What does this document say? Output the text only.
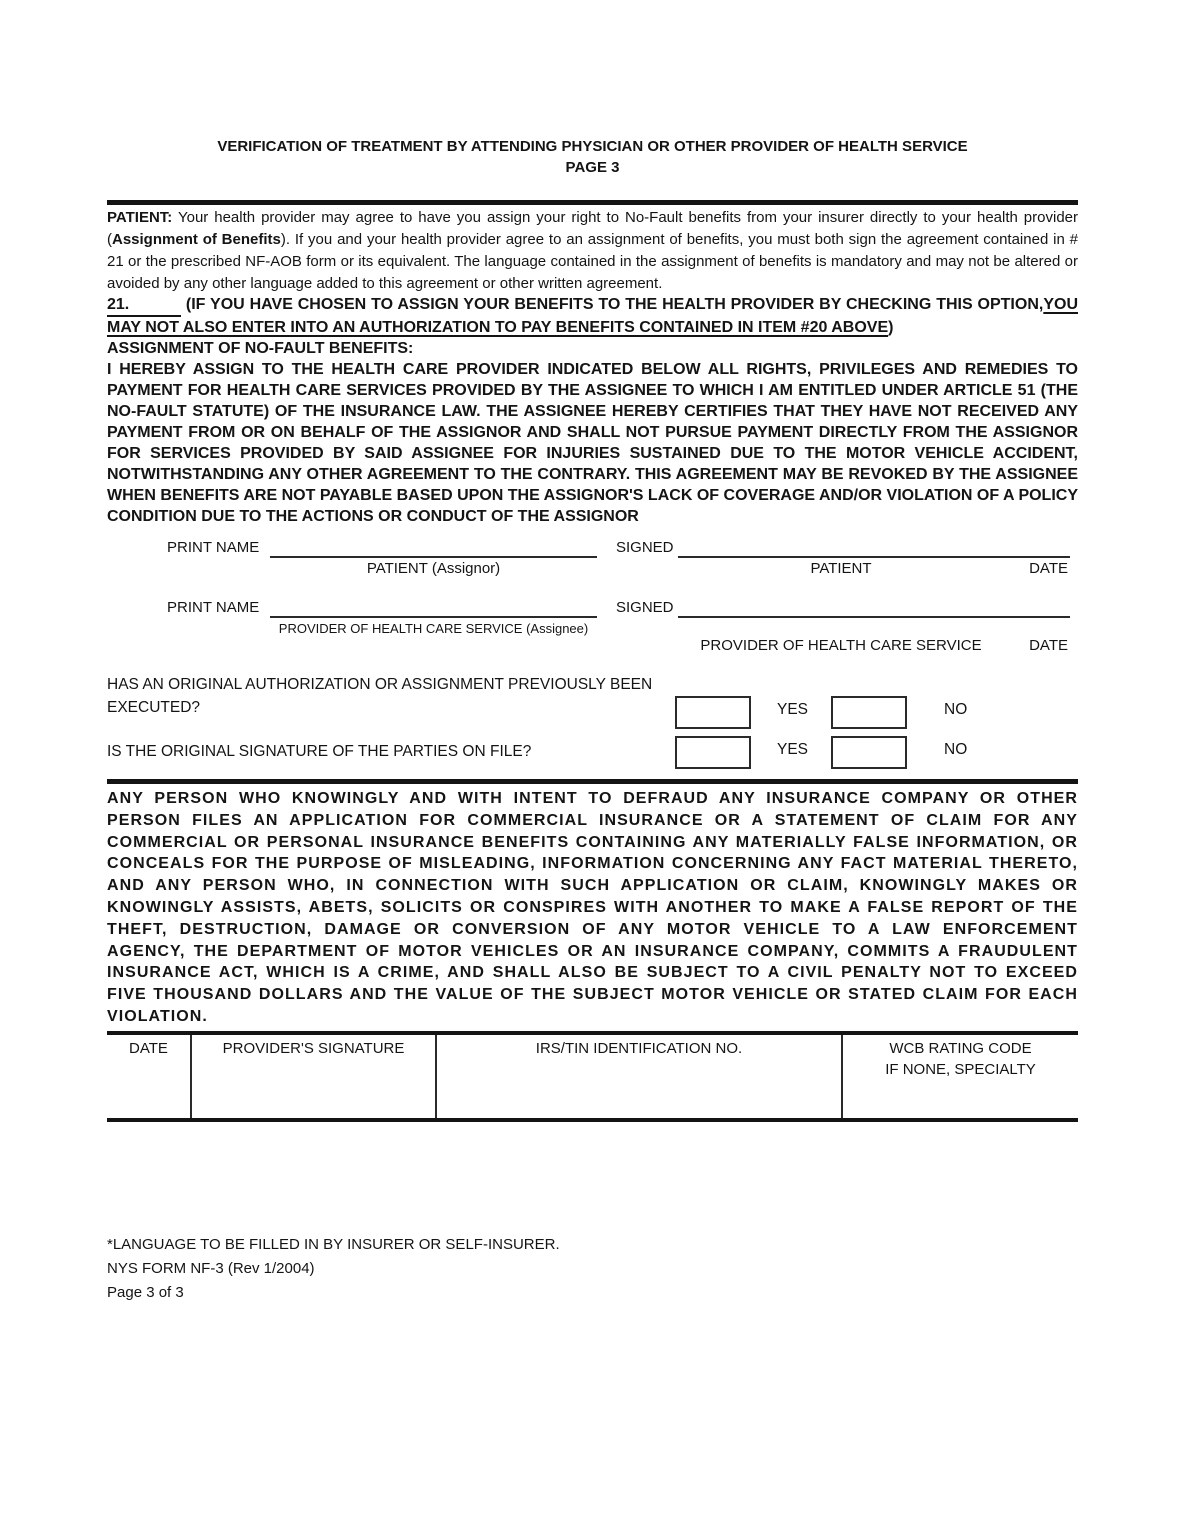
VERIFICATION OF TREATMENT BY ATTENDING PHYSICIAN OR OTHER PROVIDER OF HEALTH SERVICE
PAGE 3
PATIENT: Your health provider may agree to have you assign your right to No-Fault benefits from your insurer directly to your health provider (Assignment of Benefits). If you and your health provider agree to an assignment of benefits, you must both sign the agreement contained in # 21 or the prescribed NF-AOB form or its equivalent. The language contained in the assignment of benefits is mandatory and may not be altered or avoided by any other language added to this agreement or other written agreement.

21.	(IF YOU HAVE CHOSEN TO ASSIGN YOUR BENEFITS TO THE HEALTH PROVIDER BY CHECKING THIS OPTION,YOU MAY NOT ALSO ENTER INTO AN AUTHORIZATION TO PAY BENEFITS CONTAINED IN ITEM #20 ABOVE)

ASSIGNMENT OF NO-FAULT BENEFITS:

I HEREBY ASSIGN TO THE HEALTH CARE PROVIDER INDICATED BELOW ALL RIGHTS, PRIVILEGES AND REMEDIES TO PAYMENT FOR HEALTH CARE SERVICES PROVIDED BY THE ASSIGNEE TO WHICH I AM ENTITLED UNDER ARTICLE 51 (THE NO-FAULT STATUTE) OF THE INSURANCE LAW. THE ASSIGNEE HEREBY CERTIFIES THAT THEY HAVE NOT RECEIVED ANY PAYMENT FROM OR ON BEHALF OF THE ASSIGNOR AND SHALL NOT PURSUE PAYMENT DIRECTLY FROM THE ASSIGNOR FOR SERVICES PROVIDED BY SAID ASSIGNEE FOR INJURIES SUSTAINED DUE TO THE MOTOR VEHICLE ACCIDENT, NOTWITHSTANDING ANY OTHER AGREEMENT TO THE CONTRARY. THIS AGREEMENT MAY BE REVOKED BY THE ASSIGNEE WHEN BENEFITS ARE NOT PAYABLE BASED UPON THE ASSIGNOR'S LACK OF COVERAGE AND/OR VIOLATION OF A POLICY CONDITION DUE TO THE ACTIONS OR CONDUCT OF THE ASSIGNOR

PRINT NAME
PATIENT (Assignor)
SIGNED
PATIENT	DATE
PRINT NAME
PROVIDER OF HEALTH CARE SERVICE (Assignee)
SIGNED
PROVIDER OF HEALTH CARE SERVICE	DATE
HAS AN ORIGINAL AUTHORIZATION OR ASSIGNMENT PREVIOUSLY BEEN EXECUTED?	YES	NO
IS THE ORIGINAL SIGNATURE OF THE PARTIES ON FILE?	YES	NO
ANY PERSON WHO KNOWINGLY AND WITH INTENT TO DEFRAUD ANY INSURANCE COMPANY OR OTHER PERSON FILES AN APPLICATION FOR COMMERCIAL INSURANCE OR A STATEMENT OF CLAIM FOR ANY COMMERCIAL OR PERSONAL INSURANCE BENEFITS CONTAINING ANY MATERIALLY FALSE INFORMATION, OR CONCEALS FOR THE PURPOSE OF MISLEADING, INFORMATION CONCERNING ANY FACT MATERIAL THERETO, AND ANY PERSON WHO, IN CONNECTION WITH SUCH APPLICATION OR CLAIM, KNOWINGLY MAKES OR KNOWINGLY ASSISTS, ABETS, SOLICITS OR CONSPIRES WITH ANOTHER TO MAKE A FALSE REPORT OF THE THEFT, DESTRUCTION, DAMAGE OR CONVERSION OF ANY MOTOR VEHICLE TO A LAW ENFORCEMENT AGENCY, THE DEPARTMENT OF MOTOR VEHICLES OR AN INSURANCE COMPANY, COMMITS A FRAUDULENT INSURANCE ACT, WHICH IS A CRIME, AND SHALL ALSO BE SUBJECT TO A CIVIL PENALTY NOT TO EXCEED FIVE THOUSAND DOLLARS AND THE VALUE OF THE SUBJECT MOTOR VEHICLE OR STATED CLAIM FOR EACH VIOLATION.
DATE	PROVIDER'S SIGNATURE	IRS/TIN IDENTIFICATION NO.	WCB RATING CODE
IF NONE, SPECIALTY
*LANGUAGE TO BE FILLED IN BY INSURER OR SELF-INSURER.
NYS FORM NF-3 (Rev 1/2004)
Page 3 of 3
